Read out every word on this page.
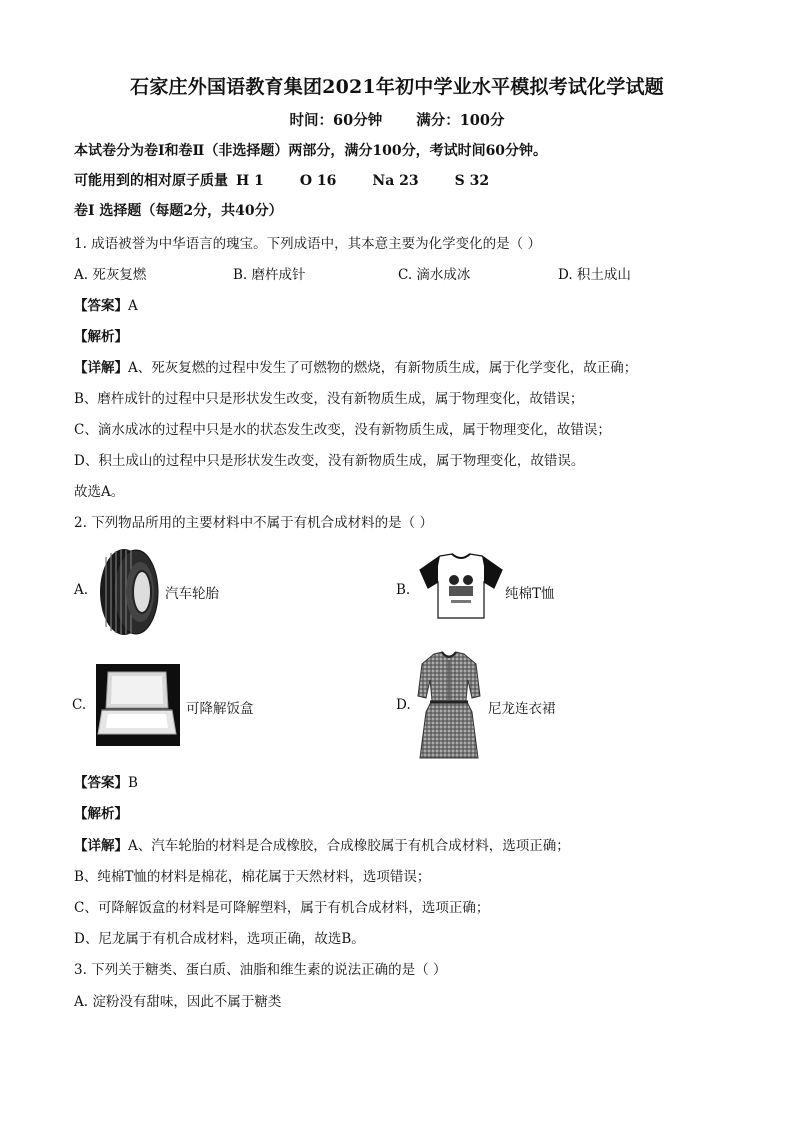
石家庄外国语教育集团2021年初中学业水平模拟考试化学试题
时间：60分钟 满分：100分
本试卷分为卷Ⅰ和卷Ⅱ（非选择题）两部分，满分100分，考试时间60分钟。
可能用到的相对原子质量 H 1	O 16	Na 23	S 32
卷Ⅰ 选择题（每题2分，共40分）
1. 成语被誉为中华语言的瑰宝。下列成语中，其本意主要为化学变化的是（ ）
A. 死灰复燃	B. 磨杵成针	C. 滴水成冰	D. 积土成山
【答案】A
【解析】
【详解】A、死灰复燃的过程中发生了可燃物的燃烧，有新物质生成，属于化学变化，故正确；
B、磨杵成针的过程中只是形状发生改变，没有新物质生成，属于物理变化，故错误；
C、滴水成冰的过程中只是水的状态发生改变，没有新物质生成，属于物理变化，故错误；
D、积土成山的过程中只是形状发生改变，没有新物质生成，属于物理变化，故错误。
故选A。
2. 下列物品所用的主要材料中不属于有机合成材料的是（ ）
A.	汽车轮胎	B.	纯棉T恤
C.	可降解饭盒	D.	尼龙连衣裙
【答案】B
【解析】
【详解】A、汽车轮胎的材料是合成橡胶，合成橡胶属于有机合成材料，选项正确；
B、纯棉T恤的材料是棉花，棉花属于天然材料，选项错误；
C、可降解饭盒的材料是可降解塑料，属于有机合成材料，选项正确；
D、尼龙属于有机合成材料，选项正确，故选B。
3. 下列关于糖类、蛋白质、油脂和维生素的说法正确的是（ ）
A. 淀粉没有甜味，因此不属于糖类
